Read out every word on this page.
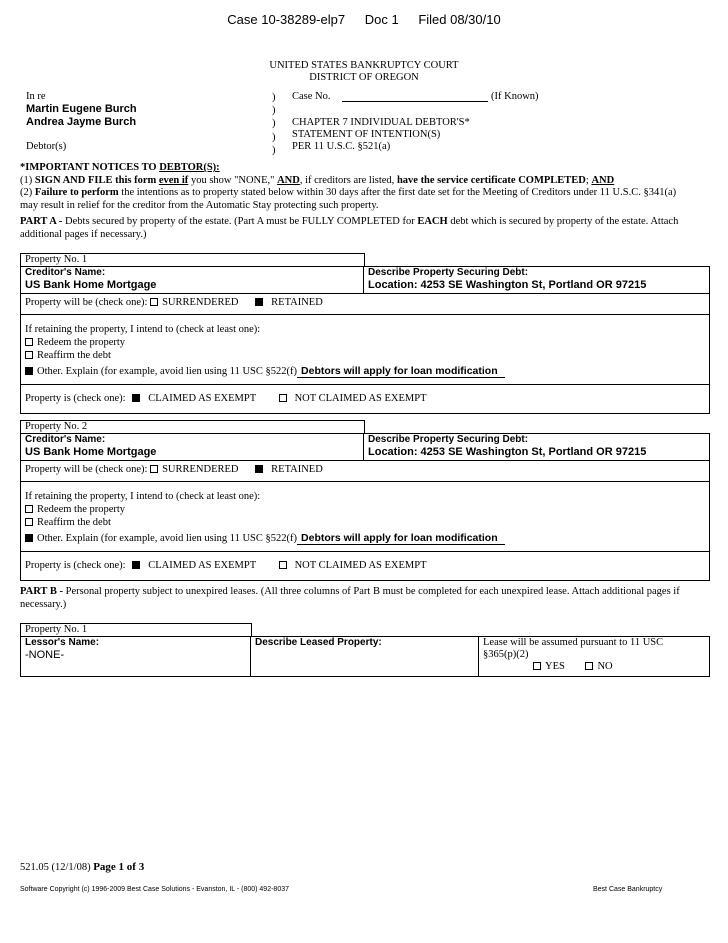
Case 10-38289-elp7 Doc 1 Filed 08/30/10
UNITED STATES BANKRUPTCY COURT
DISTRICT OF OREGON
In re
Martin Eugene Burch
Andrea Jayme Burch
Debtor(s)
)
)
)
)
)
Case No.	(If Known)
CHAPTER 7 INDIVIDUAL DEBTOR'S*
STATEMENT OF INTENTION(S)
PER 11 U.S.C. §521(a)
*IMPORTANT NOTICES TO DEBTOR(S):
(1) SIGN AND FILE this form even if you show "NONE," AND, if creditors are listed, have the service certificate COMPLETED; AND
(2) Failure to perform the intentions as to property stated below within 30 days after the first date set for the Meeting of Creditors under 11 U.S.C. §341(a)
may result in relief for the creditor from the Automatic Stay protecting such property.
PART A - Debts secured by property of the estate. (Part A must be FULLY COMPLETED for EACH debt which is secured by property of the estate. Attach
additional pages if necessary.)
Property No. 1
Creditor's Name:
US Bank Home Mortgage
Describe Property Securing Debt:
Location: 4253 SE Washington St, Portland OR 97215
Property will be (check one): SURRENDERED	RETAINED
If retaining the property, I intend to (check at least one):
Redeem the property
Reaffirm the debt
Other. Explain (for example, avoid lien using 11 USC §522(f) Debtors will apply for loan modification
Property is (check one): CLAIMED AS EXEMPT	NOT CLAIMED AS EXEMPT
Property No. 2
Creditor's Name:
US Bank Home Mortgage
Describe Property Securing Debt:
Location: 4253 SE Washington St, Portland OR 97215
Property will be (check one): SURRENDERED	RETAINED
If retaining the property, I intend to (check at least one):
Redeem the property
Reaffirm the debt
Other. Explain (for example, avoid lien using 11 USC §522(f) Debtors will apply for loan modification
Property is (check one): CLAIMED AS EXEMPT	NOT CLAIMED AS EXEMPT
PART B - Personal property subject to unexpired leases. (All three columns of Part B must be completed for each unexpired lease. Attach additional pages if
necessary.)
Property No. 1
Lessor's Name:
-NONE-
Describe Leased Property:	Lease will be assumed pursuant to 11 USC
§365(p)(2)
YES	NO
521.05 (12/1/08) Page 1 of 3
Software Copyright (c) 1996-2009 Best Case Solutions - Evanston, IL - (800) 492-8037	Best Case Bankruptcy
